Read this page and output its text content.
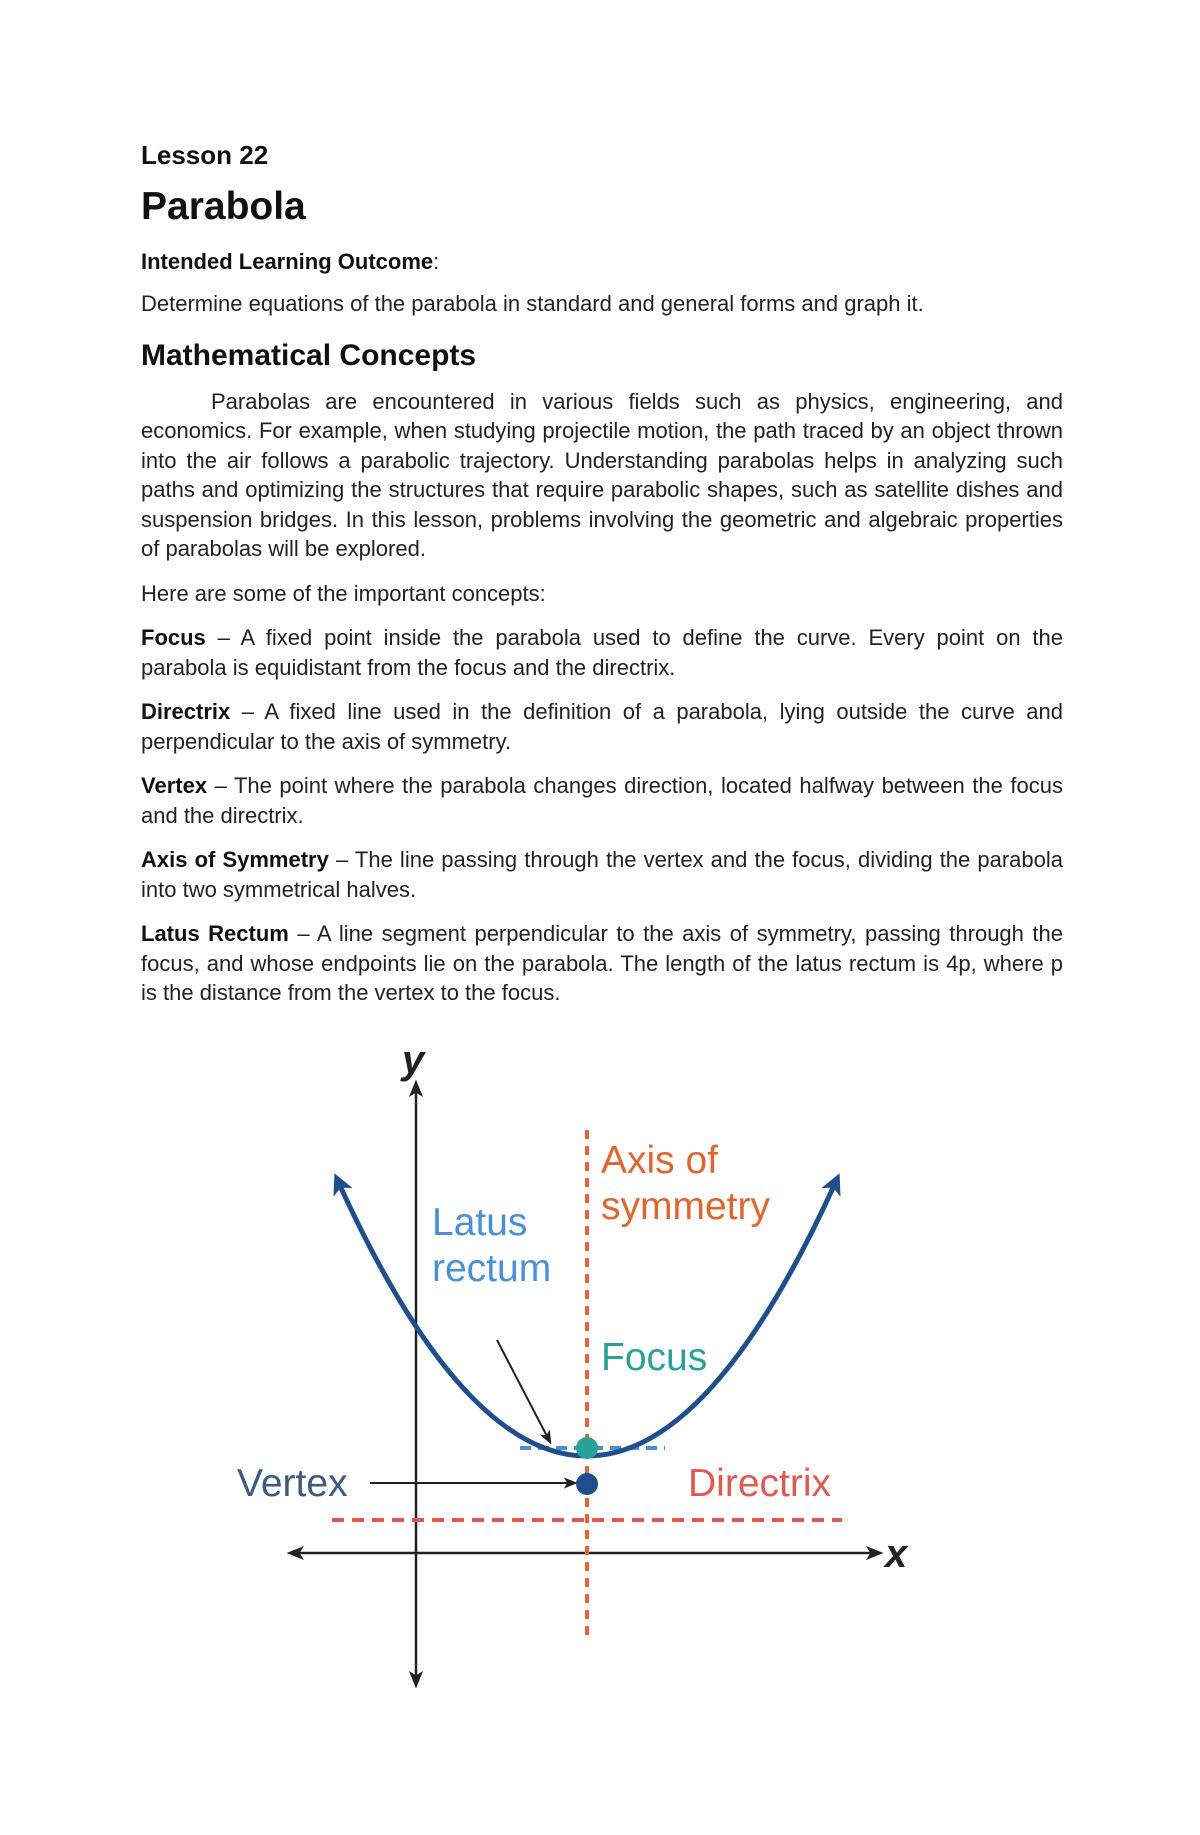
Lesson 22
Parabola
Intended Learning Outcome:
Determine equations of the parabola in standard and general forms and graph it.
Mathematical Concepts
Parabolas are encountered in various fields such as physics, engineering, and economics. For example, when studying projectile motion, the path traced by an object thrown into the air follows a parabolic trajectory. Understanding parabolas helps in analyzing such paths and optimizing the structures that require parabolic shapes, such as satellite dishes and suspension bridges. In this lesson, problems involving the geometric and algebraic properties of parabolas will be explored.
Here are some of the important concepts:
Focus – A fixed point inside the parabola used to define the curve. Every point on the parabola is equidistant from the focus and the directrix.
Directrix – A fixed line used in the definition of a parabola, lying outside the curve and perpendicular to the axis of symmetry.
Vertex – The point where the parabola changes direction, located halfway between the focus and the directrix.
Axis of Symmetry – The line passing through the vertex and the focus, dividing the parabola into two symmetrical halves.
Latus Rectum – A line segment perpendicular to the axis of symmetry, passing through the focus, and whose endpoints lie on the parabola. The length of the latus rectum is 4p, where p is the distance from the vertex to the focus.
y
x
Axis of
symmetry
Latus
rectum
Focus
Vertex	Directrix
